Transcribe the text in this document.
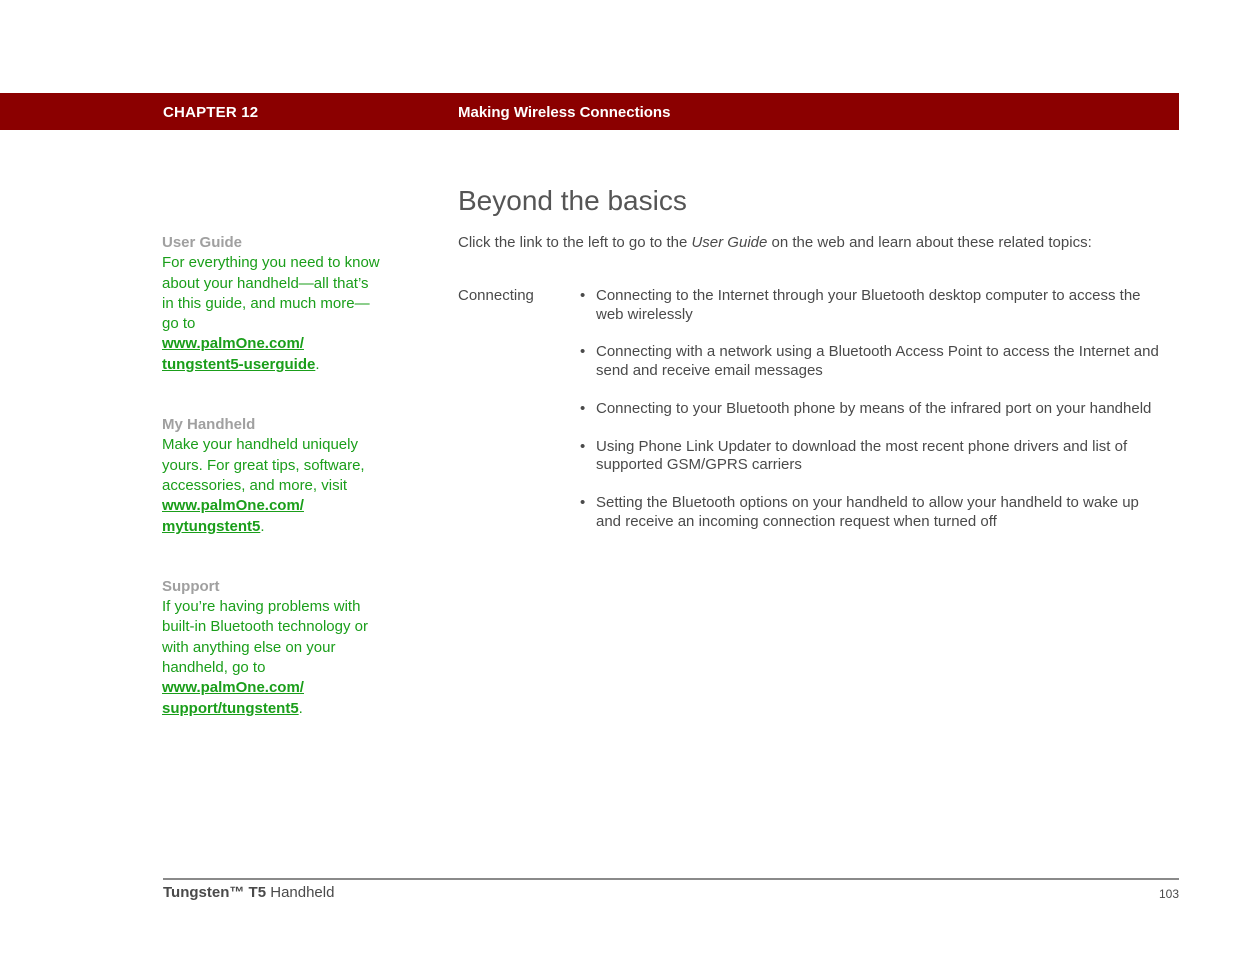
CHAPTER 12	Making Wireless Connections
User Guide
For everything you need to know about your handheld—all that’s in this guide, and much more—go to
www.palmOne.com/
tungstent5-userguide.
My Handheld
Make your handheld uniquely yours. For great tips, software, accessories, and more, visit
www.palmOne.com/
mytungstent5.
Support
If you’re having problems with built-in Bluetooth technology or with anything else on your handheld, go to
www.palmOne.com/
support/tungstent5.
Beyond the basics
Click the link to the left to go to the User Guide on the web and learn about these related topics:
Connecting	• Connecting to the Internet through your Bluetooth desktop computer to access the web wirelessly
• Connecting with a network using a Bluetooth Access Point to access the Internet and send and receive email messages
• Connecting to your Bluetooth phone by means of the infrared port on your handheld
• Using Phone Link Updater to download the most recent phone drivers and list of supported GSM/GPRS carriers
• Setting the Bluetooth options on your handheld to allow your handheld to wake up and receive an incoming connection request when turned off
Tungsten™ T5 Handheld	103
